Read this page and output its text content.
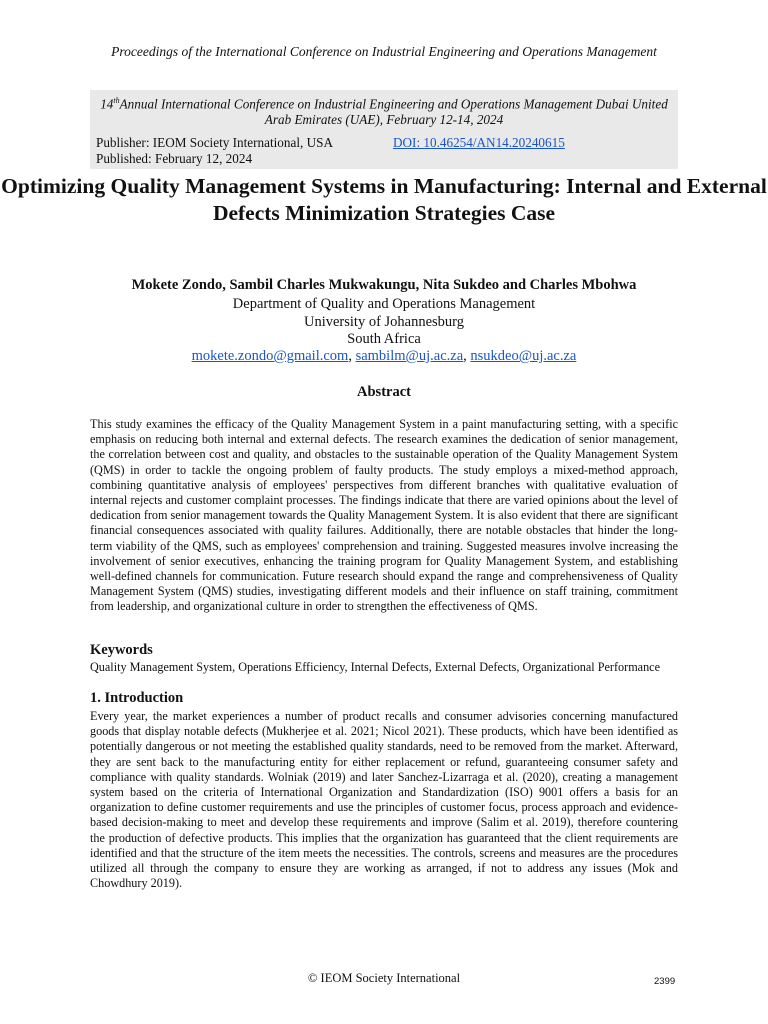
Proceedings of the International Conference on Industrial Engineering and Operations Management
14thAnnual International Conference on Industrial Engineering and Operations Management Dubai United Arab Emirates (UAE), February 12-14, 2024
Publisher: IEOM Society International, USA	DOI: 10.46254/AN14.20240615
Published: February 12, 2024
Optimizing Quality Management Systems in Manufacturing: Internal and External Defects Minimization Strategies Case
Mokete Zondo, Sambil Charles Mukwakungu, Nita Sukdeo and Charles Mbohwa
Department of Quality and Operations Management
University of Johannesburg
South Africa
mokete.zondo@gmail.com, sambilm@uj.ac.za, nsukdeo@uj.ac.za
Abstract
This study examines the efficacy of the Quality Management System in a paint manufacturing setting, with a specific emphasis on reducing both internal and external defects. The research examines the dedication of senior management, the correlation between cost and quality, and obstacles to the sustainable operation of the Quality Management System (QMS) in order to tackle the ongoing problem of faulty products. The study employs a mixed-method approach, combining quantitative analysis of employees' perspectives from different branches with qualitative evaluation of internal rejects and customer complaint processes. The findings indicate that there are varied opinions about the level of dedication from senior management towards the Quality Management System. It is also evident that there are significant financial consequences associated with quality failures. Additionally, there are notable obstacles that hinder the long-term viability of the QMS, such as employees' comprehension and training. Suggested measures involve increasing the involvement of senior executives, enhancing the training program for Quality Management System, and establishing well-defined channels for communication. Future research should expand the range and comprehensiveness of Quality Management System (QMS) studies, investigating different models and their influence on staff training, commitment from leadership, and organizational culture in order to strengthen the effectiveness of QMS.
Keywords
Quality Management System, Operations Efficiency, Internal Defects, External Defects, Organizational Performance
1. Introduction
Every year, the market experiences a number of product recalls and consumer advisories concerning manufactured goods that display notable defects (Mukherjee et al. 2021; Nicol 2021). These products, which have been identified as potentially dangerous or not meeting the established quality standards, need to be removed from the market. Afterward, they are sent back to the manufacturing entity for either replacement or refund, guaranteeing consumer safety and compliance with quality standards. Wolniak (2019) and later Sanchez-Lizarraga et al. (2020), creating a management system based on the criteria of International Organization and Standardization (ISO) 9001 offers a basis for an organization to define customer requirements and use the principles of customer focus, process approach and evidence-based decision-making to meet and develop these requirements and improve (Salim et al. 2019), therefore countering the production of defective products. This implies that the organization has guaranteed that the client requirements are identified and that the structure of the item meets the necessities. The controls, screens and measures are the procedures utilized all through the company to ensure they are working as arranged, if not to address any issues (Mok and Chowdhury 2019).
© IEOM Society International	2399
